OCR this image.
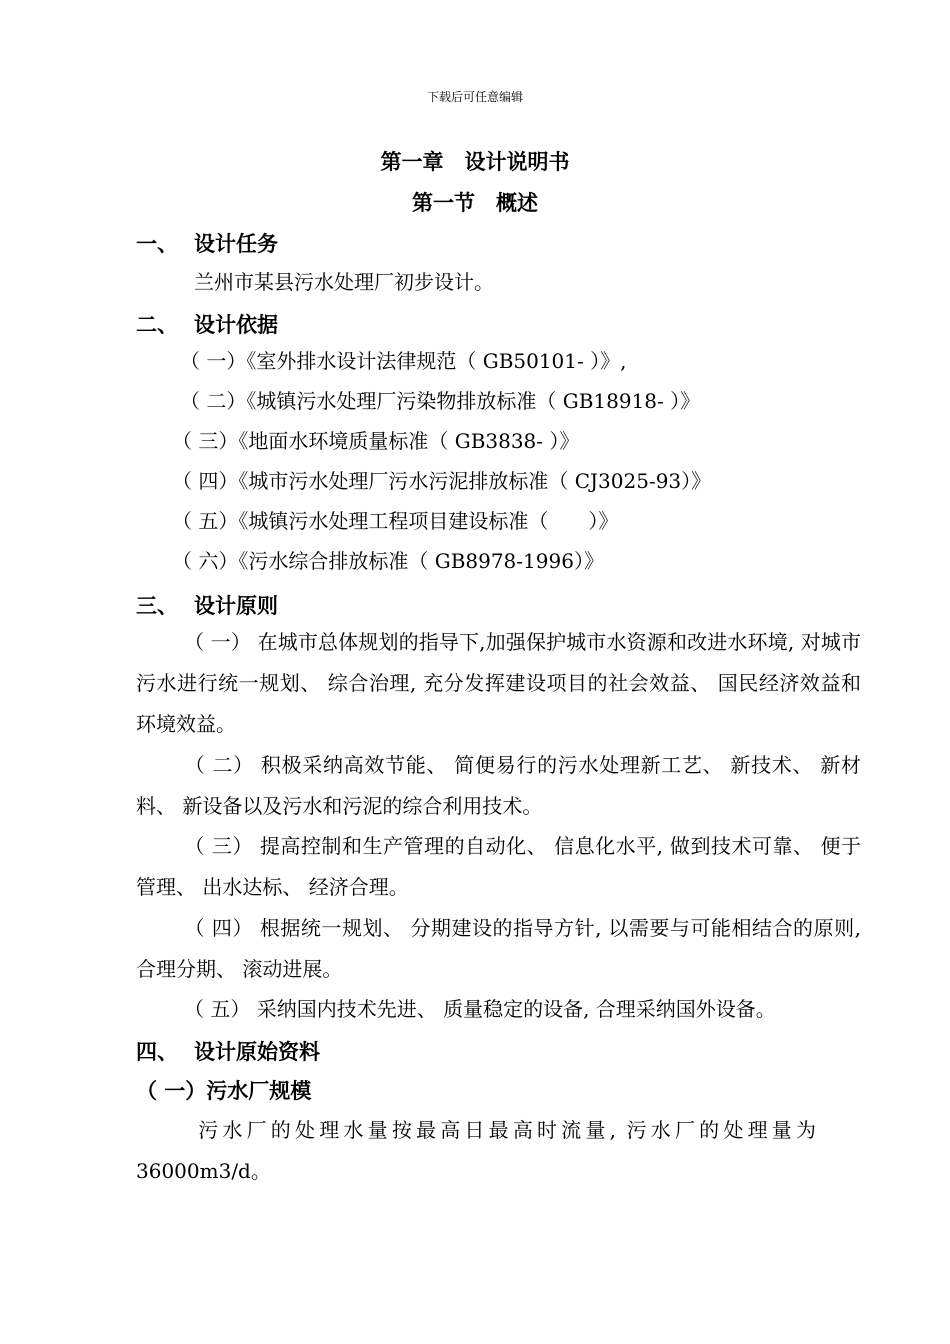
下载后可任意编辑
第一章　设计说明书
第一节　概述
一、 设计任务
兰州市某县污水处理厂初步设计。
二、 设计依据
（ 一）《室外排水设计法律规范（ GB50101- ）》,
（ 二）《城镇污水处理厂污染物排放标准（ GB18918- ）》
（ 三）《地面水环境质量标准（ GB3838- ）》
（ 四）《城市污水处理厂污水污泥排放标准（ CJ3025-93）》
（ 五）《城镇污水处理工程项目建设标准（　　）》
（ 六）《污水综合排放标准（ GB8978-1996）》
三、 设计原则
（ 一） 在城市总体规划的指导下,加强保护城市水资源和改进水环境, 对城市污水进行统一规划、 综合治理, 充分发挥建设项目的社会效益、 国民经济效益和环境效益。
（ 二） 积极采纳高效节能、 简便易行的污水处理新工艺、 新技术、 新材料、 新设备以及污水和污泥的综合利用技术。
（ 三） 提高控制和生产管理的自动化、 信息化水平, 做到技术可靠、 便于管理、 出水达标、 经济合理。
（ 四） 根据统一规划、 分期建设的指导方针, 以需要与可能相结合的原则, 合理分期、 滚动进展。
（ 五） 采纳国内技术先进、 质量稳定的设备, 合理采纳国外设备。
四、 设计原始资料
（ 一）污水厂规模
污水厂的处理水量按最高日最高时流量, 污水厂的处理量为36000m3/d。
